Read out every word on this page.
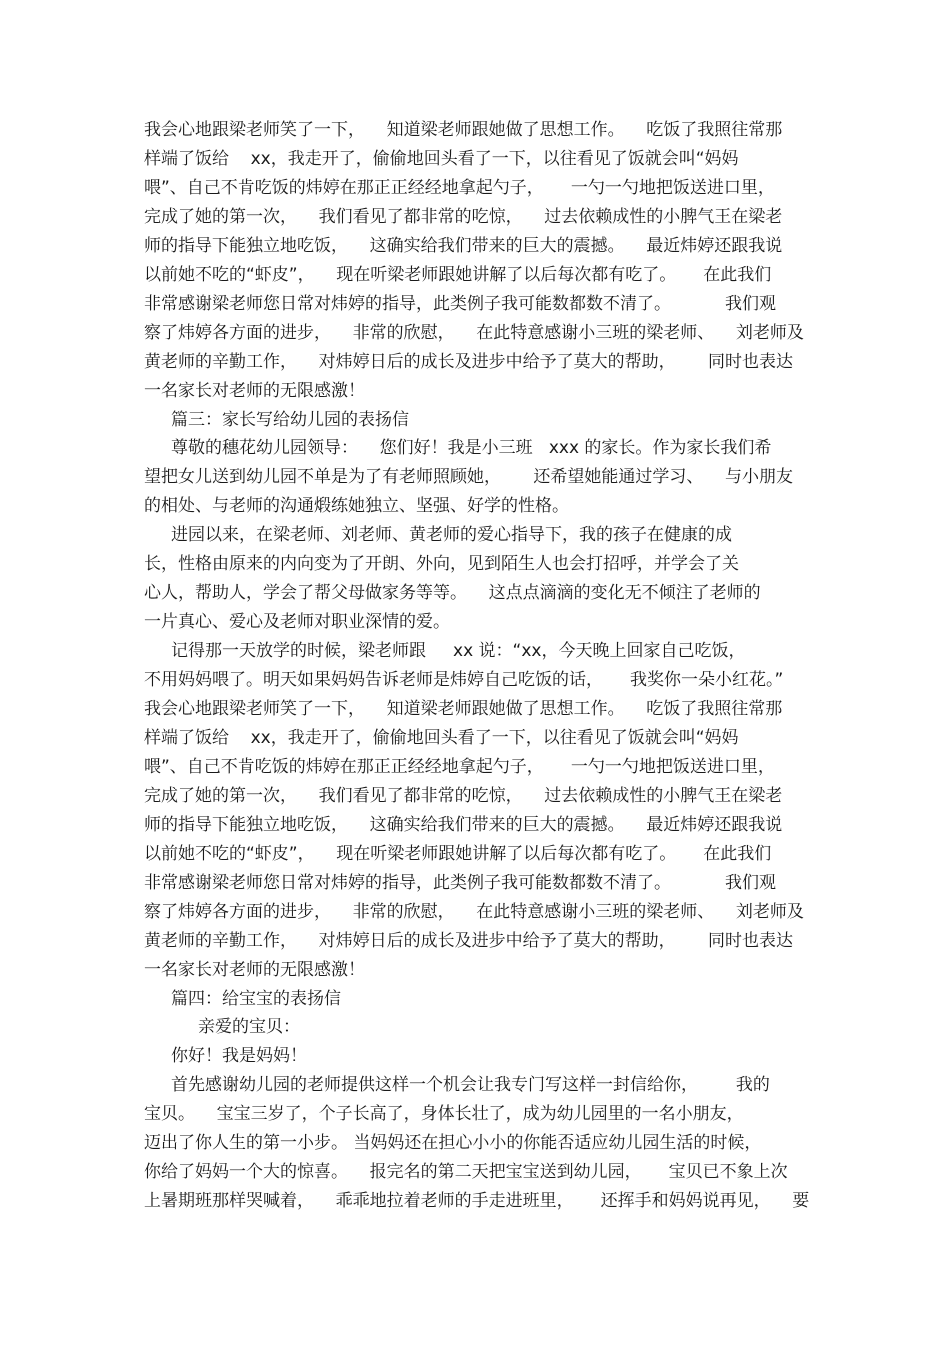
我会心地跟梁老师笑了一下，    知道梁老师跟她做了思想工作。    吃饭了我照往常那
样端了饭给    xx，我走开了，偷偷地回头看了一下，以往看见了饭就会叫“妈妈
喂”、自己不肯吃饭的炜婷在那正正经经地拿起勺子，     一勺一勺地把饭送进口里，
完成了她的第一次，    我们看见了都非常的吃惊，    过去依赖成性的小脾气王在梁老
师的指导下能独立地吃饭，    这确实给我们带来的巨大的震撼。    最近炜婷还跟我说
以前她不吃的“虾皮”，    现在听梁老师跟她讲解了以后每次都有吃了。     在此我们
非常感谢梁老师您日常对炜婷的指导，此类例子我可能数都数不清了。          我们观
察了炜婷各方面的进步，    非常的欣慰，    在此特意感谢小三班的梁老师、    刘老师及
黄老师的辛勤工作，    对炜婷日后的成长及进步中给予了莫大的帮助，      同时也表达
一名家长对老师的无限感激！
篇三：家长写给幼儿园的表扬信
尊敬的穗花幼儿园领导：    您们好！我是小三班   xxx 的家长。作为家长我们希
望把女儿送到幼儿园不单是为了有老师照顾她，      还希望她能通过学习、    与小朋友
的相处、与老师的沟通煅练她独立、坚强、好学的性格。
进园以来，在梁老师、刘老师、黄老师的爱心指导下，我的孩子在健康的成
长，性格由原来的内向变为了开朗、外向，见到陌生人也会打招呼，并学会了关
心人，帮助人，学会了帮父母做家务等等。    这点点滴滴的变化无不倾注了老师的
一片真心、爱心及老师对职业深情的爱。
记得那一天放学的时候，梁老师跟     xx 说：“xx，今天晚上回家自己吃饭，
不用妈妈喂了。明天如果妈妈告诉老师是炜婷自己吃饭的话，     我奖你一朵小红花。”
我会心地跟梁老师笑了一下，    知道梁老师跟她做了思想工作。    吃饭了我照往常那
样端了饭给    xx，我走开了，偷偷地回头看了一下，以往看见了饭就会叫“妈妈
喂”、自己不肯吃饭的炜婷在那正正经经地拿起勺子，     一勺一勺地把饭送进口里，
完成了她的第一次，    我们看见了都非常的吃惊，    过去依赖成性的小脾气王在梁老
师的指导下能独立地吃饭，    这确实给我们带来的巨大的震撼。    最近炜婷还跟我说
以前她不吃的“虾皮”，    现在听梁老师跟她讲解了以后每次都有吃了。     在此我们
非常感谢梁老师您日常对炜婷的指导，此类例子我可能数都数不清了。          我们观
察了炜婷各方面的进步，    非常的欣慰，    在此特意感谢小三班的梁老师、    刘老师及
黄老师的辛勤工作，    对炜婷日后的成长及进步中给予了莫大的帮助，      同时也表达
一名家长对老师的无限感激！
篇四：给宝宝的表扬信
亲爱的宝贝：
你好！我是妈妈！
首先感谢幼儿园的老师提供这样一个机会让我专门写这样一封信给你，       我的
宝贝。    宝宝三岁了，个子长高了，身体长壮了，成为幼儿园里的一名小朋友，
迈出了你人生的第一小步。 当妈妈还在担心小小的你能否适应幼儿园生活的时候，
你给了妈妈一个大的惊喜。    报完名的第二天把宝宝送到幼儿园，     宝贝已不象上次
上暑期班那样哭喊着，    乖乖地拉着老师的手走进班里，     还挥手和妈妈说再见，    要
